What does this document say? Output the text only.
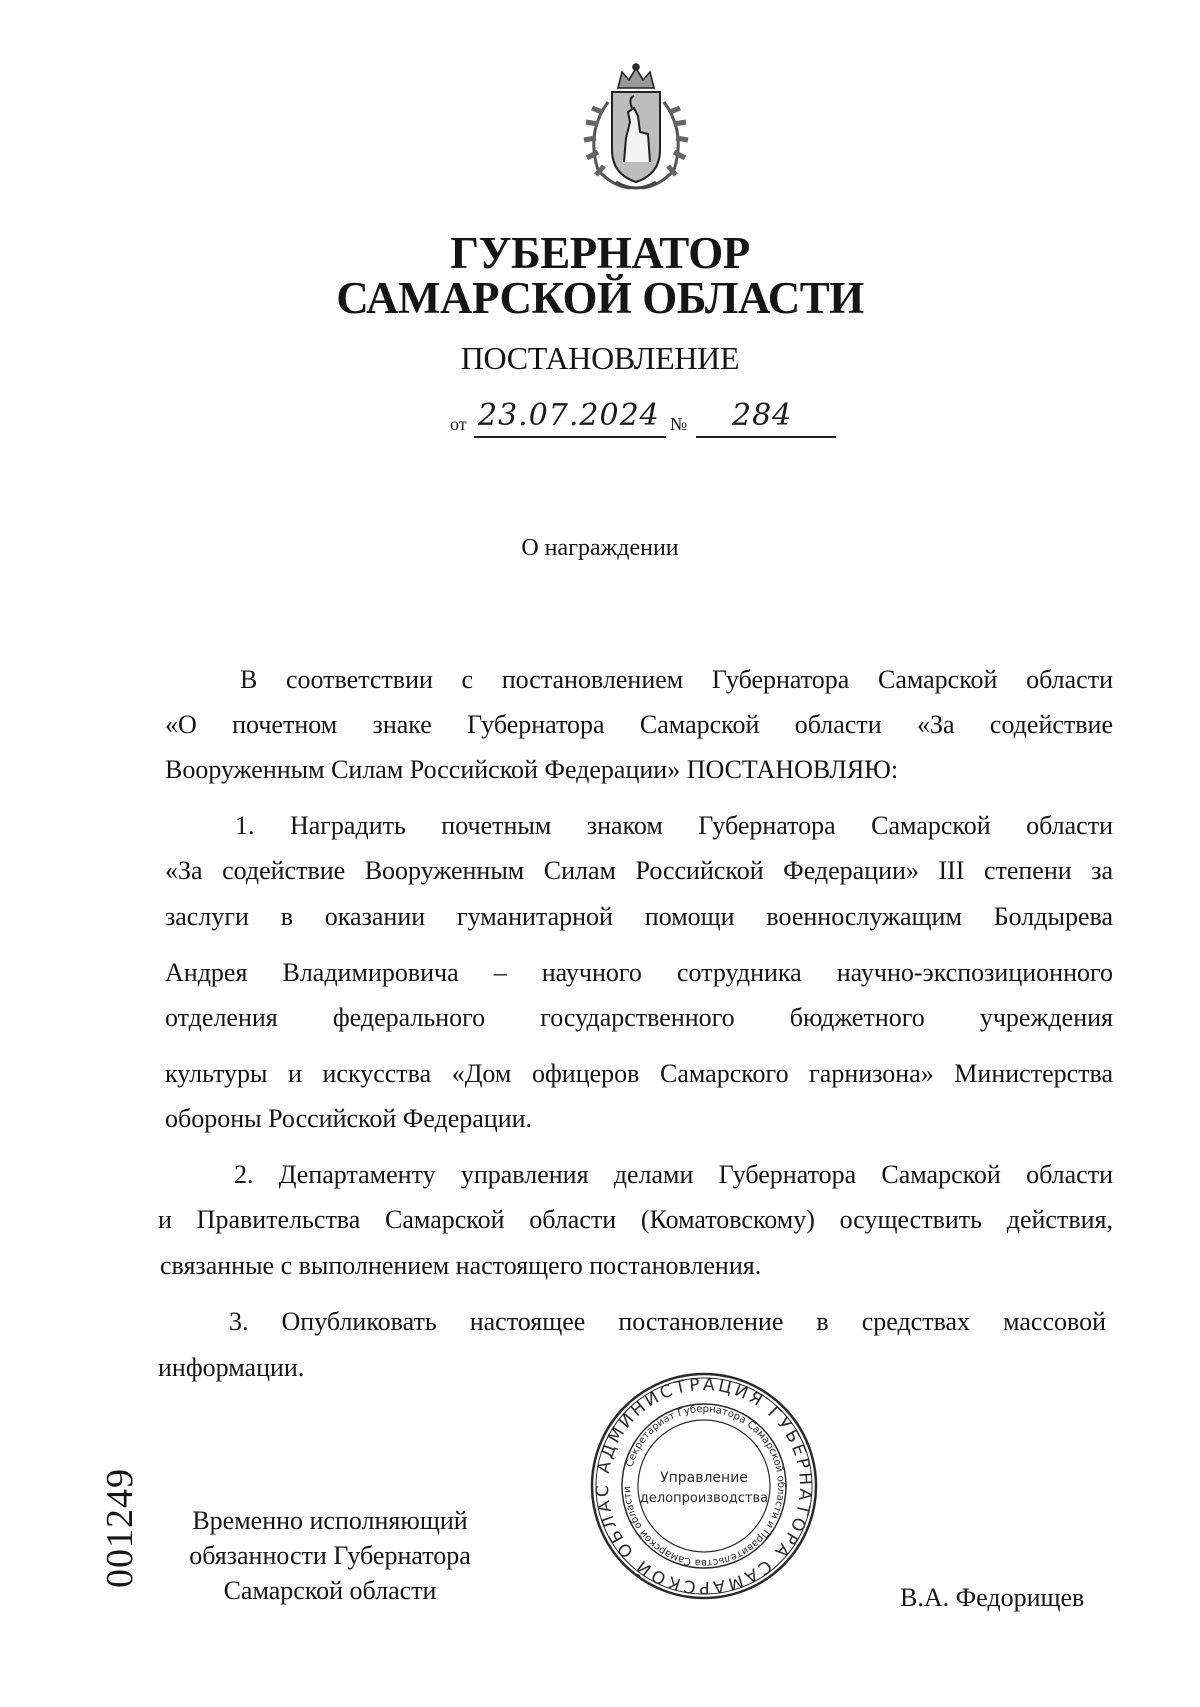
ГУБЕРНАТОР
САМАРСКОЙ ОБЛАСТИ
ПОСТАНОВЛЕНИЕ
от 23.07.2024 № 284
О награждении
В соответствии с постановлением Губернатора Самарской области
«О почетном знаке Губернатора Самарской области «За содействие
Вооруженным Силам Российской Федерации» ПОСТАНОВЛЯЮ:
1. Наградить почетным знаком Губернатора Самарской области
«За содействие Вооруженным Силам Российской Федерации» III степени за
заслуги в оказании гуманитарной помощи военнослужащим Болдырева
Андрея Владимировича – научного сотрудника научно-экспозиционного
отделения федерального государственного бюджетного учреждения
культуры и искусства «Дом офицеров Самарского гарнизона» Министерства
обороны Российской Федерации.
2. Департаменту управления делами Губернатора Самарской области
и Правительства Самарской области (Коматовскому) осуществить действия,
связанные с выполнением настоящего постановления.
3. Опубликовать настоящее постановление в средствах массовой
информации.
001249	Временно исполняющий
обязанности Губернатора
Самарской области	В.А. Федорищев
АДМИНИСТРАЦИЯ ГУБЕРНАТОРА САМАРСКОЙ ОБЛАС
Секретариат Губернатора Самарской области и Правительства Самарской области
Управление
делопроизводства
